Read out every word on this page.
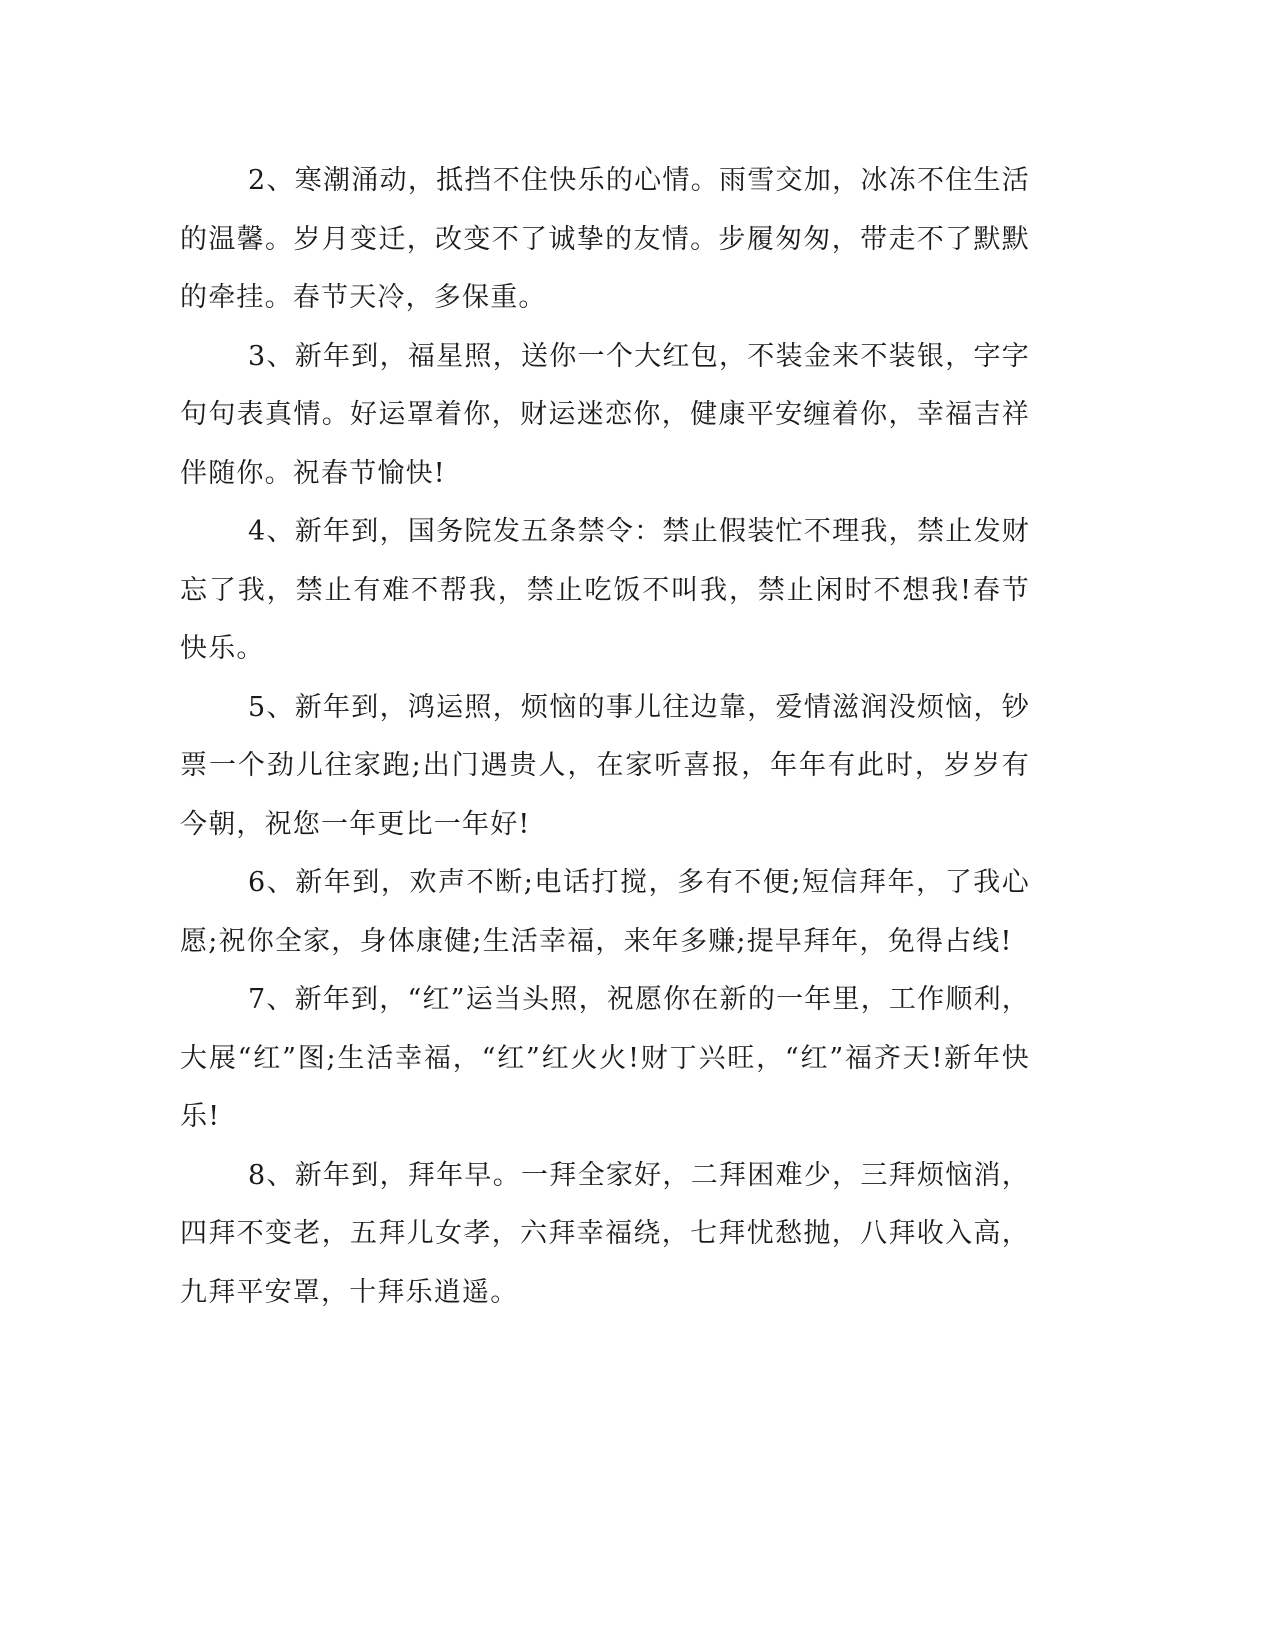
2、寒潮涌动，抵挡不住快乐的心情。雨雪交加，冰冻不住生活的温馨。岁月变迁，改变不了诚挚的友情。步履匆匆，带走不了默默的牵挂。春节天冷，多保重。

3、新年到，福星照，送你一个大红包，不装金来不装银，字字句句表真情。好运罩着你，财运迷恋你，健康平安缠着你，幸福吉祥伴随你。祝春节愉快!

4、新年到，国务院发五条禁令：禁止假装忙不理我，禁止发财忘了我，禁止有难不帮我，禁止吃饭不叫我，禁止闲时不想我!春节快乐。

5、新年到，鸿运照，烦恼的事儿往边靠，爱情滋润没烦恼，钞票一个劲儿往家跑;出门遇贵人，在家听喜报，年年有此时，岁岁有今朝，祝您一年更比一年好!

6、新年到，欢声不断;电话打搅，多有不便;短信拜年，了我心愿;祝你全家，身体康健;生活幸福，来年多赚;提早拜年，免得占线!

7、新年到，“红”运当头照，祝愿你在新的一年里，工作顺利，大展“红”图;生活幸福，“红”红火火!财丁兴旺，“红”福齐天!新年快乐!

8、新年到，拜年早。一拜全家好，二拜困难少，三拜烦恼消，四拜不变老，五拜儿女孝，六拜幸福绕，七拜忧愁抛，八拜收入高，九拜平安罩，十拜乐逍遥。
